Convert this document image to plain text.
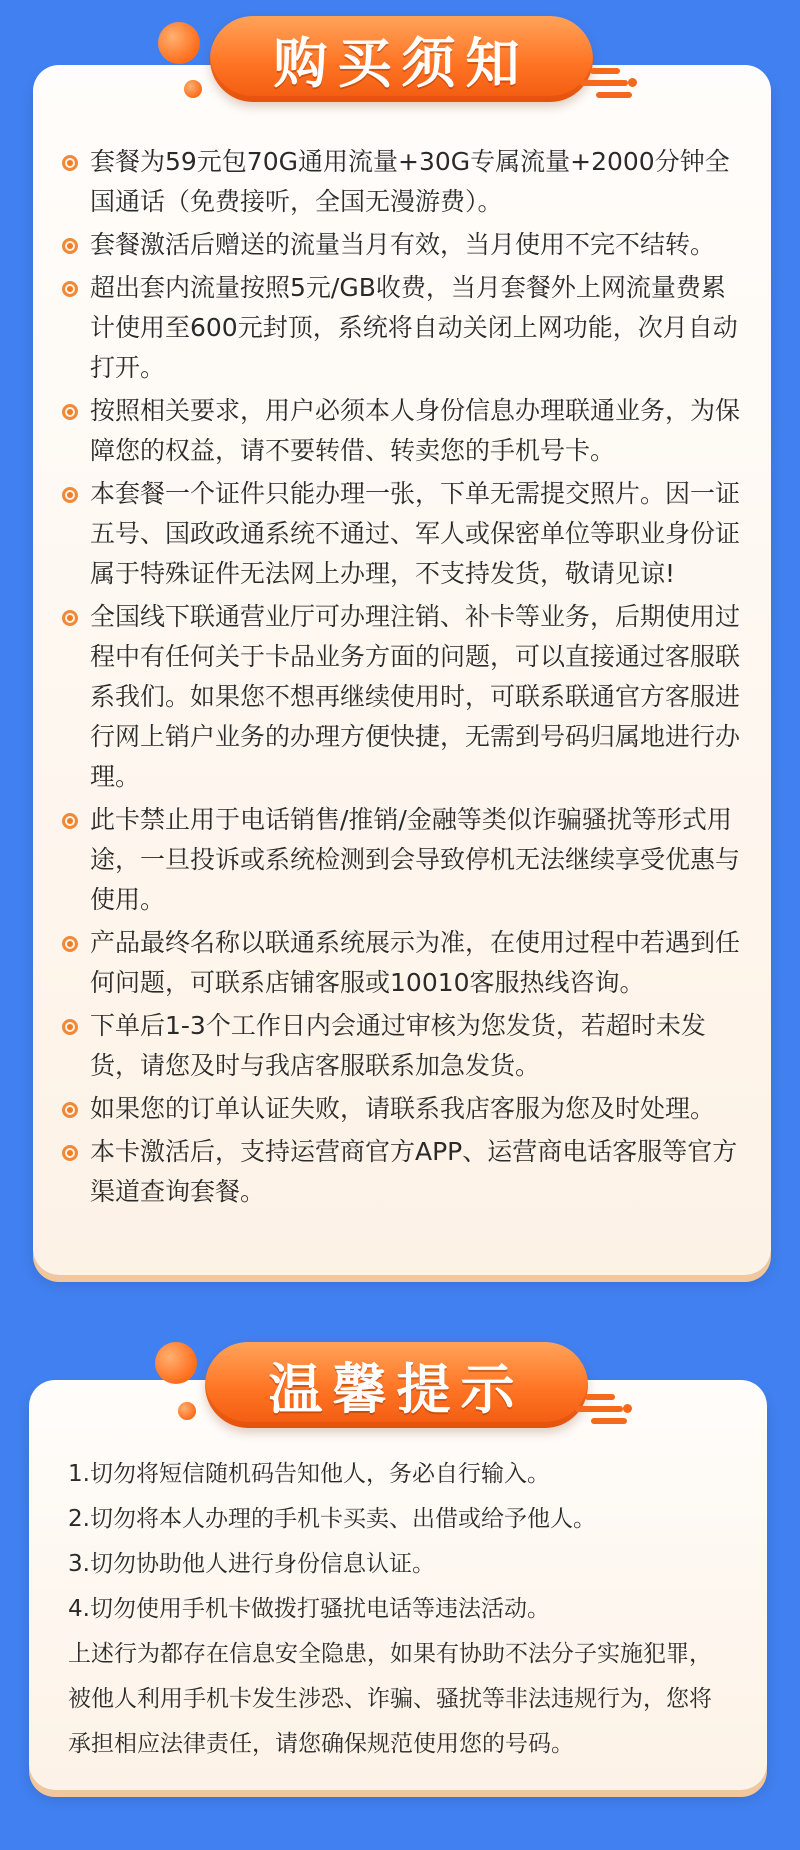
购买须知
套餐为59元包70G通用流量+30G专属流量+2000分钟全国通话（免费接听，全国无漫游费）。
套餐激活后赠送的流量当月有效，当月使用不完不结转。
超出套内流量按照5元/GB收费，当月套餐外上网流量费累计使用至600元封顶，系统将自动关闭上网功能，次月自动打开。
按照相关要求，用户必须本人身份信息办理联通业务，为保障您的权益，请不要转借、转卖您的手机号卡。
本套餐一个证件只能办理一张，下单无需提交照片。因一证五号、国政政通系统不通过、军人或保密单位等职业身份证属于特殊证件无法网上办理，不支持发货，敬请见谅!
全国线下联通营业厅可办理注销、补卡等业务，后期使用过程中有任何关于卡品业务方面的问题，可以直接通过客服联系我们。如果您不想再继续使用时，可联系联通官方客服进行网上销户业务的办理方便快捷，无需到号码归属地进行办理。
此卡禁止用于电话销售/推销/金融等类似诈骗骚扰等形式用途，一旦投诉或系统检测到会导致停机无法继续享受优惠与使用。
产品最终名称以联通系统展示为准，在使用过程中若遇到任何问题，可联系店铺客服或10010客服热线咨询。
下单后1-3个工作日内会通过审核为您发货，若超时未发货，请您及时与我店客服联系加急发货。
如果您的订单认证失败，请联系我店客服为您及时处理。
本卡激活后，支持运营商官方APP、运营商电话客服等官方渠道查询套餐。
温馨提示

1.切勿将短信随机码告知他人，务必自行输入。

2.切勿将本人办理的手机卡买卖、出借或给予他人。

3.切勿协助他人进行身份信息认证。

4.切勿使用手机卡做拨打骚扰电话等违法活动。

上述行为都存在信息安全隐患，如果有协助不法分子实施犯罪，被他人利用手机卡发生涉恐、诈骗、骚扰等非法违规行为，您将承担相应法律责任，请您确保规范使用您的号码。
